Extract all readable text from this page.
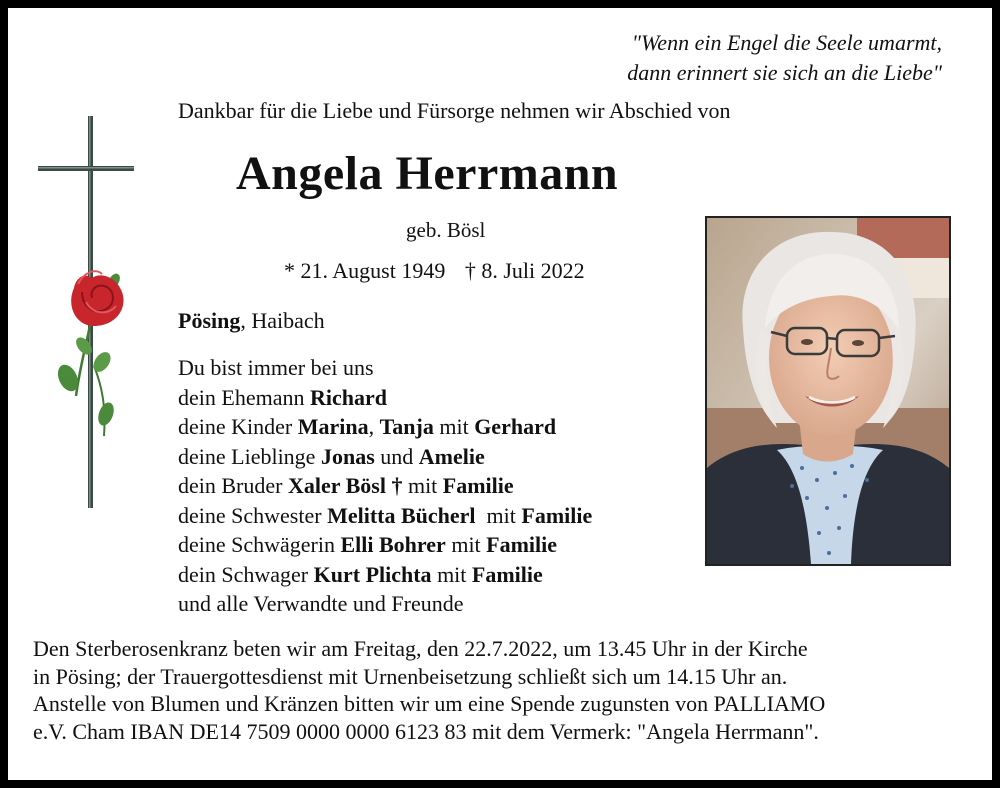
"Wenn ein Engel die Seele umarmt,
dann erinnert sie sich an die Liebe"
Dankbar für die Liebe und Fürsorge nehmen wir Abschied von
Angela Herrmann
geb. Bösl
* 21. August 1949 † 8. Juli 2022
Pösing, Haibach
Du bist immer bei uns
dein Ehemann Richard
deine Kinder Marina, Tanja mit Gerhard
deine Lieblinge Jonas und Amelie
dein Bruder Xaler Bösl † mit Familie
deine Schwester Melitta Bücherl  mit Familie
deine Schwägerin Elli Bohrer mit Familie
dein Schwager Kurt Plichta mit Familie
und alle Verwandte und Freunde
Den Sterberosenkranz beten wir am Freitag, den 22.7.2022, um 13.45 Uhr in der Kirche
in Pösing; der Trauergottesdienst mit Urnenbeisetzung schließt sich um 14.15 Uhr an.
Anstelle von Blumen und Kränzen bitten wir um eine Spende zugunsten von PALLIAMO
e.V. Cham IBAN DE14 7509 0000 0000 6123 83 mit dem Vermerk: "Angela Herrmann".
